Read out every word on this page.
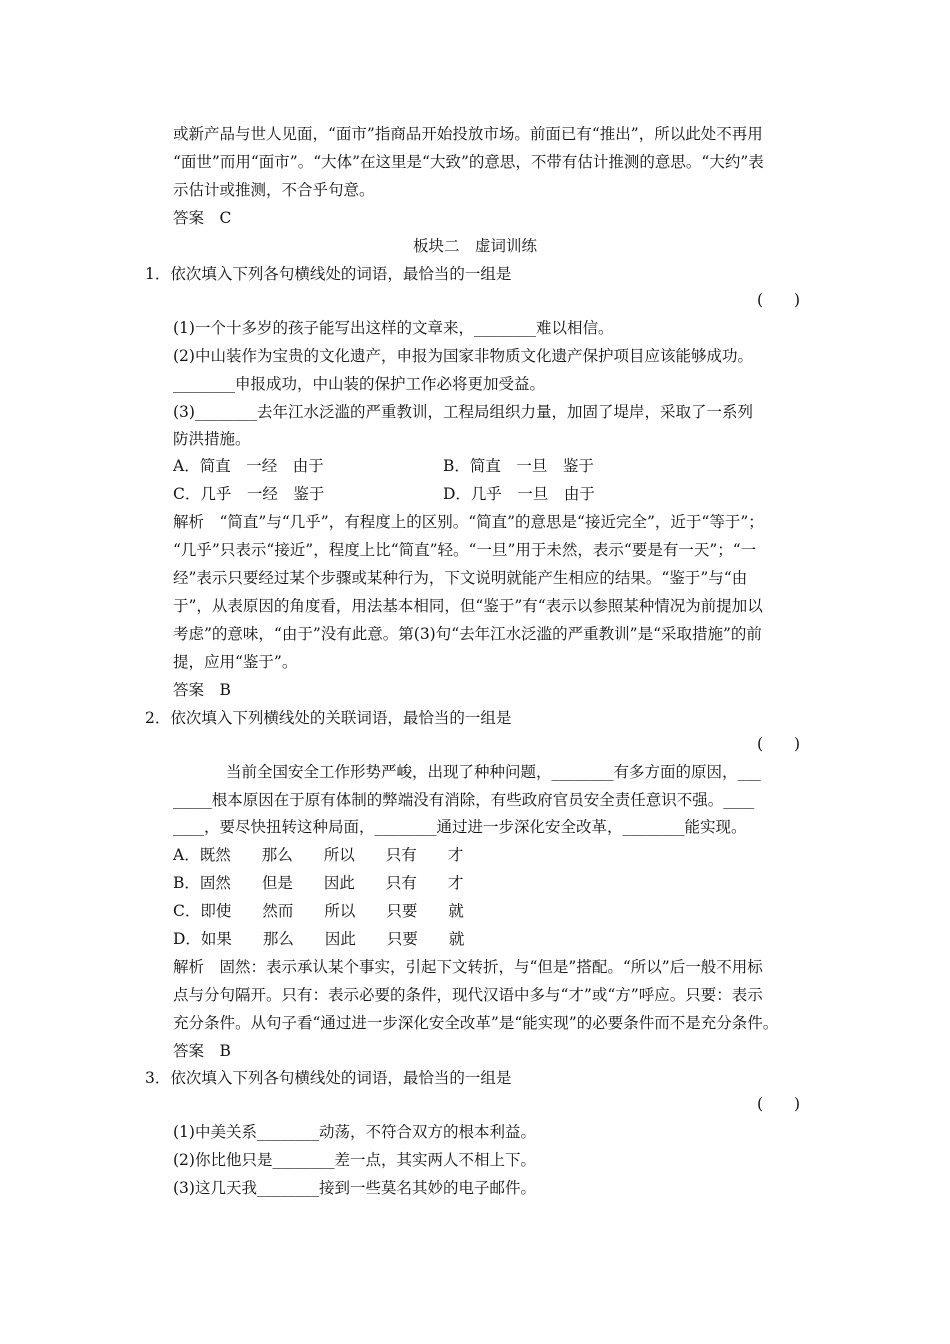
或新产品与世人见面，“面市”指商品开始投放市场。前面已有“推出”，所以此处不再用
“面世”而用“面市”。“大体”在这里是“大致”的意思，不带有估计推测的意思。“大约”表
示估计或推测，不合乎句意。
答案　C
板块二　虚词训练
1．依次填入下列各句横线处的词语，最恰当的一组是
(　　)
(1)一个十多岁的孩子能写出这样的文章来，________难以相信。
(2)中山装作为宝贵的文化遗产，申报为国家非物质文化遗产保护项目应该能够成功。
________申报成功，中山装的保护工作必将更加受益。
(3)________去年江水泛滥的严重教训，工程局组织力量，加固了堤岸，采取了一系列
防洪措施。
A．简直　一经　由于	B．简直　一旦　鉴于
C．几乎　一经　鉴于	D．几乎　一旦　由于
解析　“简直”与“几乎”，有程度上的区别。“简直”的意思是“接近完全”，近于“等于”；
“几乎”只表示“接近”，程度上比“简直”轻。“一旦”用于未然，表示“要是有一天”；“一
经”表示只要经过某个步骤或某种行为，下文说明就能产生相应的结果。“鉴于”与“由
于”，从表原因的角度看，用法基本相同，但“鉴于”有“表示以参照某种情况为前提加以
考虑”的意味，“由于”没有此意。第(3)句“去年江水泛滥的严重教训”是“采取措施”的前
提，应用“鉴于”。
答案　B
2．依次填入下列横线处的关联词语，最恰当的一组是
(　　)
当前全国安全工作形势严峻，出现了种种问题，________有多方面的原因，___
_____根本原因在于原有体制的弊端没有消除，有些政府官员安全责任意识不强。____
____，要尽快扭转这种局面，________通过进一步深化安全改革，________能实现。
A．既然　　那么　　所以　　只有　　才
B．固然　　但是　　因此　　只有　　才
C．即使　　然而　　所以　　只要　　就
D．如果　　那么　　因此　　只要　　就
解析　固然：表示承认某个事实，引起下文转折，与“但是”搭配。“所以”后一般不用标
点与分句隔开。只有：表示必要的条件，现代汉语中多与“才”或“方”呼应。只要：表示
充分条件。从句子看“通过进一步深化安全改革”是“能实现”的必要条件而不是充分条件。
答案　B
3．依次填入下列各句横线处的词语，最恰当的一组是
(　　)
(1)中美关系________动荡，不符合双方的根本利益。
(2)你比他只是________差一点，其实两人不相上下。
(3)这几天我________接到一些莫名其妙的电子邮件。
